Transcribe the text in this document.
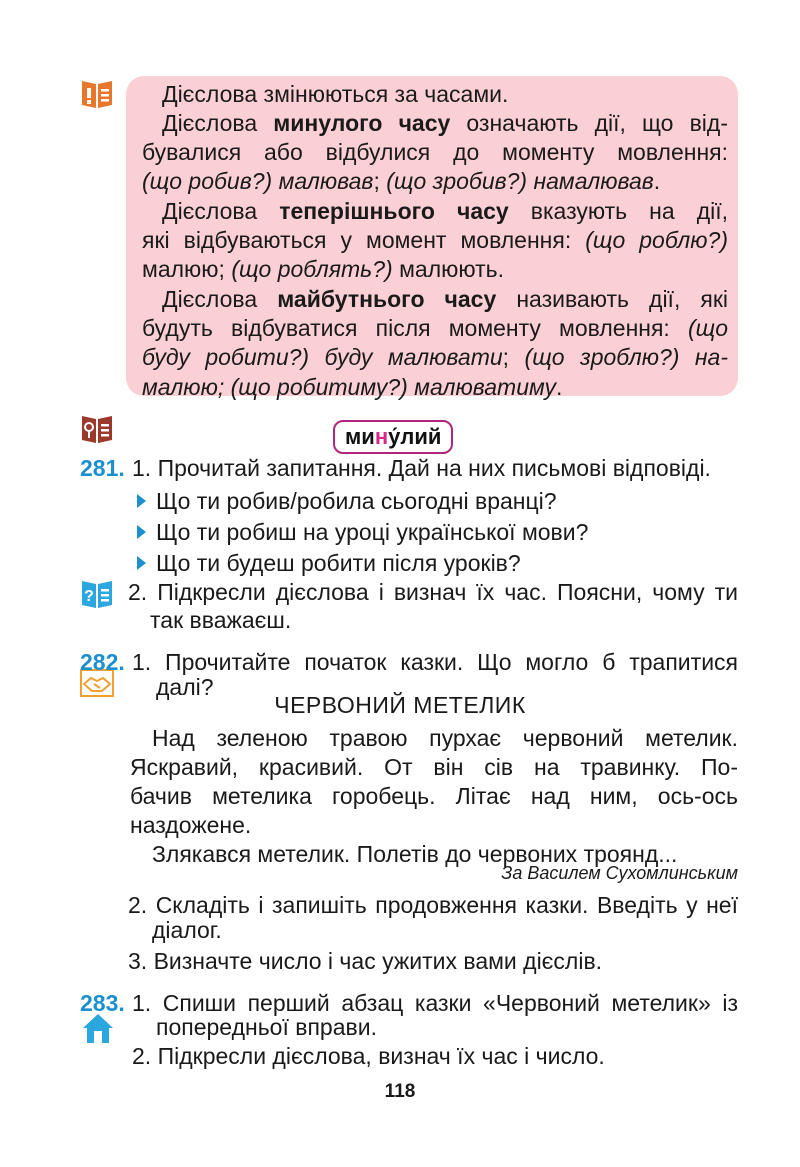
?
Дієслова змінюються за часами.
Дієслова минулого часу означають дії, що від-
бувалися або відбулися до моменту мовлення:
(що робив?) малював; (що зробив?) намалював.
Дієслова теперішнього часу вказують на дії,
які відбуваються у момент мовлення: (що роблю?)
малюю; (що роблять?) малюють.
Дієслова майбутнього часу називають дії, які
будуть відбуватися після моменту мовлення: (що
буду робити?) буду малювати; (що зроблю?) на-
малюю; (що робитиму?) малюватиму.
мину́лий
281. 1. Прочитай запитання. Дай на них письмові відповіді.
Що ти робив/робила сьогодні вранці?
Що ти робиш на уроці української мови?
Що ти будеш робити після уроків?
2. Підкресли дієслова і визнач їх час. Поясни, чому ти
так вважаєш.
282. 1. Прочитайте початок казки. Що могло б трапитися
далі?
ЧЕРВОНИЙ МЕТЕЛИК
Над зеленою травою пурхає червоний метелик.
Яскравий, красивий. От він сів на травинку. По-
бачив метелика горобець. Літає над ним, ось-ось
наздожене.
Злякався метелик. Полетів до червоних троянд...
За Василем Сухомлинським
2. Складіть і запишіть продовження казки. Введіть у неї
діалог.
3. Визначте число і час ужитих вами дієслів.
283. 1. Спиши перший абзац казки «Червоний метелик» із
попередньої вправи.
2. Підкресли дієслова, визнач їх час і число.
118
